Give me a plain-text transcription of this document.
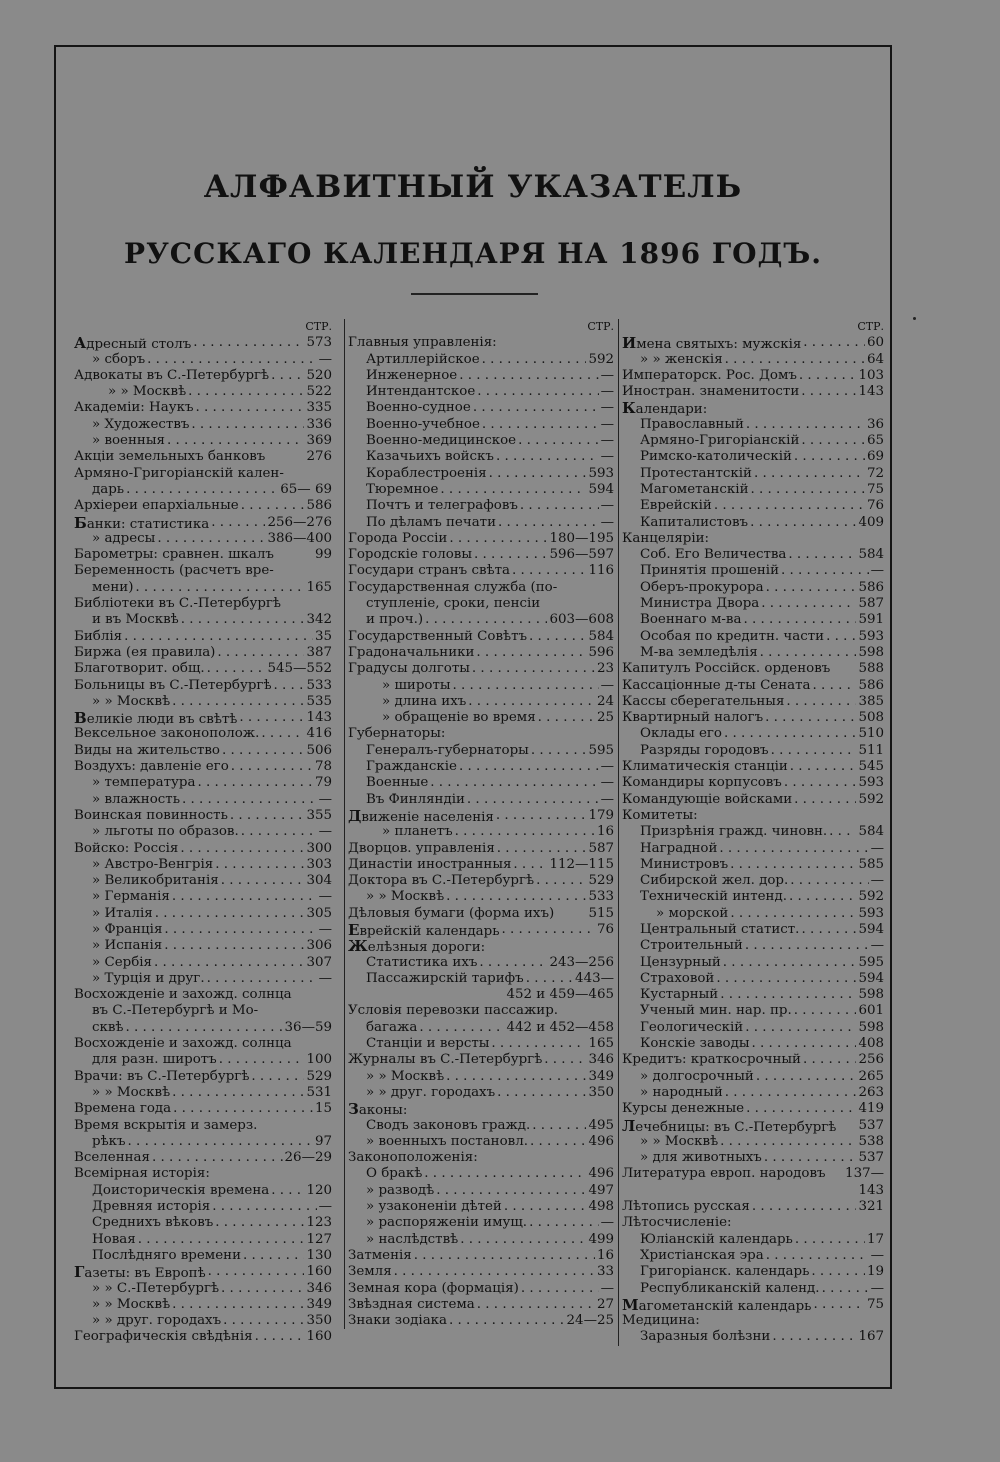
АЛФАВИТНЫЙ УКАЗАТЕЛЬ
РУССКАГО КАЛЕНДАРЯ НА 1896 ГОДЪ.
СТР.
Адресный столъ . . .	573
» сборъ . . .	—
Адвокаты въ С.-Петербургѣ . . .	520
» » Москвѣ . . .	522
Академіи: Наукъ . . .	335
» Художествъ . . .	336
» военныя . . .	369
Акціи земельныхъ банковъ	276
Армяно-Григоріанскій кален-
дарь . . .	65— 69
Архіереи епархіальные . . .	586
Банки: статистика . . .	256—276
» адресы . . .	386—400
Барометры: сравнен. шкалъ	99
Беременность (расчетъ вре-
мени) . . .	165
Библіотеки въ С.-Петербургѣ
и въ Москвѣ . . .	342
Библія . . .	35
Биржа (ея правила) . . .	387
Благотворит. общ. . . .	545—552
Больницы въ С.-Петербургѣ . . .	533
» » Москвѣ . . .	535
Великіе люди въ свѣтѣ . . .	143
Вексельное законополож. . . .	416
Виды на жительство . . .	506
Воздухъ: давленіе его . . .	78
» температура . . .	79
» влажность . . .	—
Воинская повинность . . .	355
» льготы по образов. . . .	—
Войско: Россія . . .	300
» Австро-Венгрія . . .	303
» Великобританія . . .	304
» Германія . . .	—
» Италія . . .	305
» Франція . . .	—
» Испанія . . .	306
» Сербія . . .	307
» Турція и друг. . . .	—
Восхожденіе и захожд. солнца
въ С.-Петербургѣ и Мо-
сквѣ . . .	36—59
Восхожденіе и захожд. солнца
для разн. широтъ . . .	100
Врачи: въ С.-Петербургѣ . . .	529
» » Москвѣ . . .	531
Времена года . . .	15
Время вскрытія и замерз.
рѣкъ . . .	97
Вселенная . . .	26—29
Всемірная исторія:
Доисторическія времена . . .	120
Древняя исторія . . .	—
Среднихъ вѣковъ . . .	123
Новая . . .	127
Послѣдняго времени . . .	130
Газеты: въ Европѣ . . .	160
» » С.-Петербургѣ . . .	346
» » Москвѣ . . .	349
» » друг. городахъ . . .	350
Географическія свѣдѣнія . . .	160
СТР.
Главныя управленія:
Артиллерійское . . .	592
Инженерное . . .	—
Интендантское . . .	—
Военно-судное . . .	—
Военно-учебное . . .	—
Военно-медицинское . . .	—
Казачьихъ войскъ . . .	—
Кораблестроенія . . .	593
Тюремное . . .	594
Почтъ и телеграфовъ . . .	—
По дѣламъ печати . . .	—
Города Россіи . . .	180—195
Городскіе головы . . .	596—597
Государи странъ свѣта . . .	116
Государственная служба (по-
ступленіе, сроки, пенсіи
и проч.) . . .	603—608
Государственный Совѣтъ . . .	584
Градоначальники . . .	596
Градусы долготы . . .	23
» широты . . .	—
» длина ихъ . . .	24
» обращеніе во время . . .	25
Губернаторы:
Генералъ-губернаторы . . .	595
Гражданскіе . . .	—
Военные . . .	—
Въ Финляндіи . . .	—
Движеніе населенія . . .	179
» планетъ . . .	16
Дворцов. управленія . . .	587
Династіи иностранныя . . .	112—115
Доктора въ С.-Петербургѣ . . .	529
» » Москвѣ . . .	533
Дѣловыя бумаги (форма ихъ)	515
Еврейскій календарь . . .	76
Желѣзныя дороги:
Статистика ихъ . . .	243—256
Пассажирскій тарифъ . . .	443—
452 и 459—465
Условія перевозки пассажир.
багажа . . .	442 и 452—458
Станціи и версты . . .	165
Журналы въ С.-Петербургѣ . . .	346
» » Москвѣ . . .	349
» » друг. городахъ . . .	350
Законы:
Сводъ законовъ гражд. . . .	495
» военныхъ постановл. . . .	496
Законоположенія:
О бракѣ . . .	496
» разводѣ . . .	497
» узаконеніи дѣтей . . .	498
» распоряженіи имущ. . . .	—
» наслѣдствѣ . . .	499
Затменія . . .	16
Земля . . .	33
Земная кора (формація) . . .	—
Звѣздная система . . .	27
Знаки зодіака . . .	24—25
СТР.
Имена святыхъ: мужскія . . .	60
» » женскія . . .	64
Императорск. Рос. Домъ . . .	103
Иностран. знаменитости . . .	143
Календари:
Православный . . .	36
Армяно-Григоріанскій . . .	65
Римско-католическій . . .	69
Протестантскій . . .	72
Магометанскій . . .	75
Еврейскій . . .	76
Капиталистовъ . . .	409
Канцеляріи:
Соб. Его Величества . . .	584
Принятія прошеній . . .	—
Оберъ-прокурора . . .	586
Министра Двора . . .	587
Военнаго м-ва . . .	591
Особая по кредитн. части . . .	593
М-ва земледѣлія . . .	598
Капитулъ Россійск. орденовъ 588
Кассаціонные д-ты Сената . . .	586
Кассы сберегательныя . . .	385
Квартирный налогъ . . .	508
Оклады его . . .	510
Разряды городовъ . . .	511
Климатическія станціи . . .	545
Командиры корпусовъ . . .	593
Командующіе войсками . . .	592
Комитеты:
Призрѣнія гражд. чиновн. . . . 584
Наградной . . .	—
Министровъ . . .	585
Сибирской жел. дор. . . .	—
Техническій интенд. . . .	592
» морской . . .	593
Центральный статист. . . .	594
Строительный . . .	—
Цензурный . . .	595
Страховой . . .	594
Кустарный . . .	598
Ученый мин. нар. пр. . . .	601
Геологическій . . .	598
Конскіе заводы . . .	408
Кредитъ: краткосрочный . . .	256
» долгосрочный . . .	265
» народный . . .	263
Курсы денежные . . .	419
Лечебницы: въ С.-Петербургѣ 537
» » Москвѣ . . .	538
» для животныхъ . . .	537
Литература европ. народовъ 137—
143
Лѣтопись русская . . .	321
Лѣтосчисленіе:
Юліанскій календарь . . .	17
Христіанская эра . . .	—
Григоріанск. календарь . . .	19
Республиканскій календ. . . .	—
Магометанскій календарь . . .	75
Медицина:
Заразныя болѣзни . . .	167
